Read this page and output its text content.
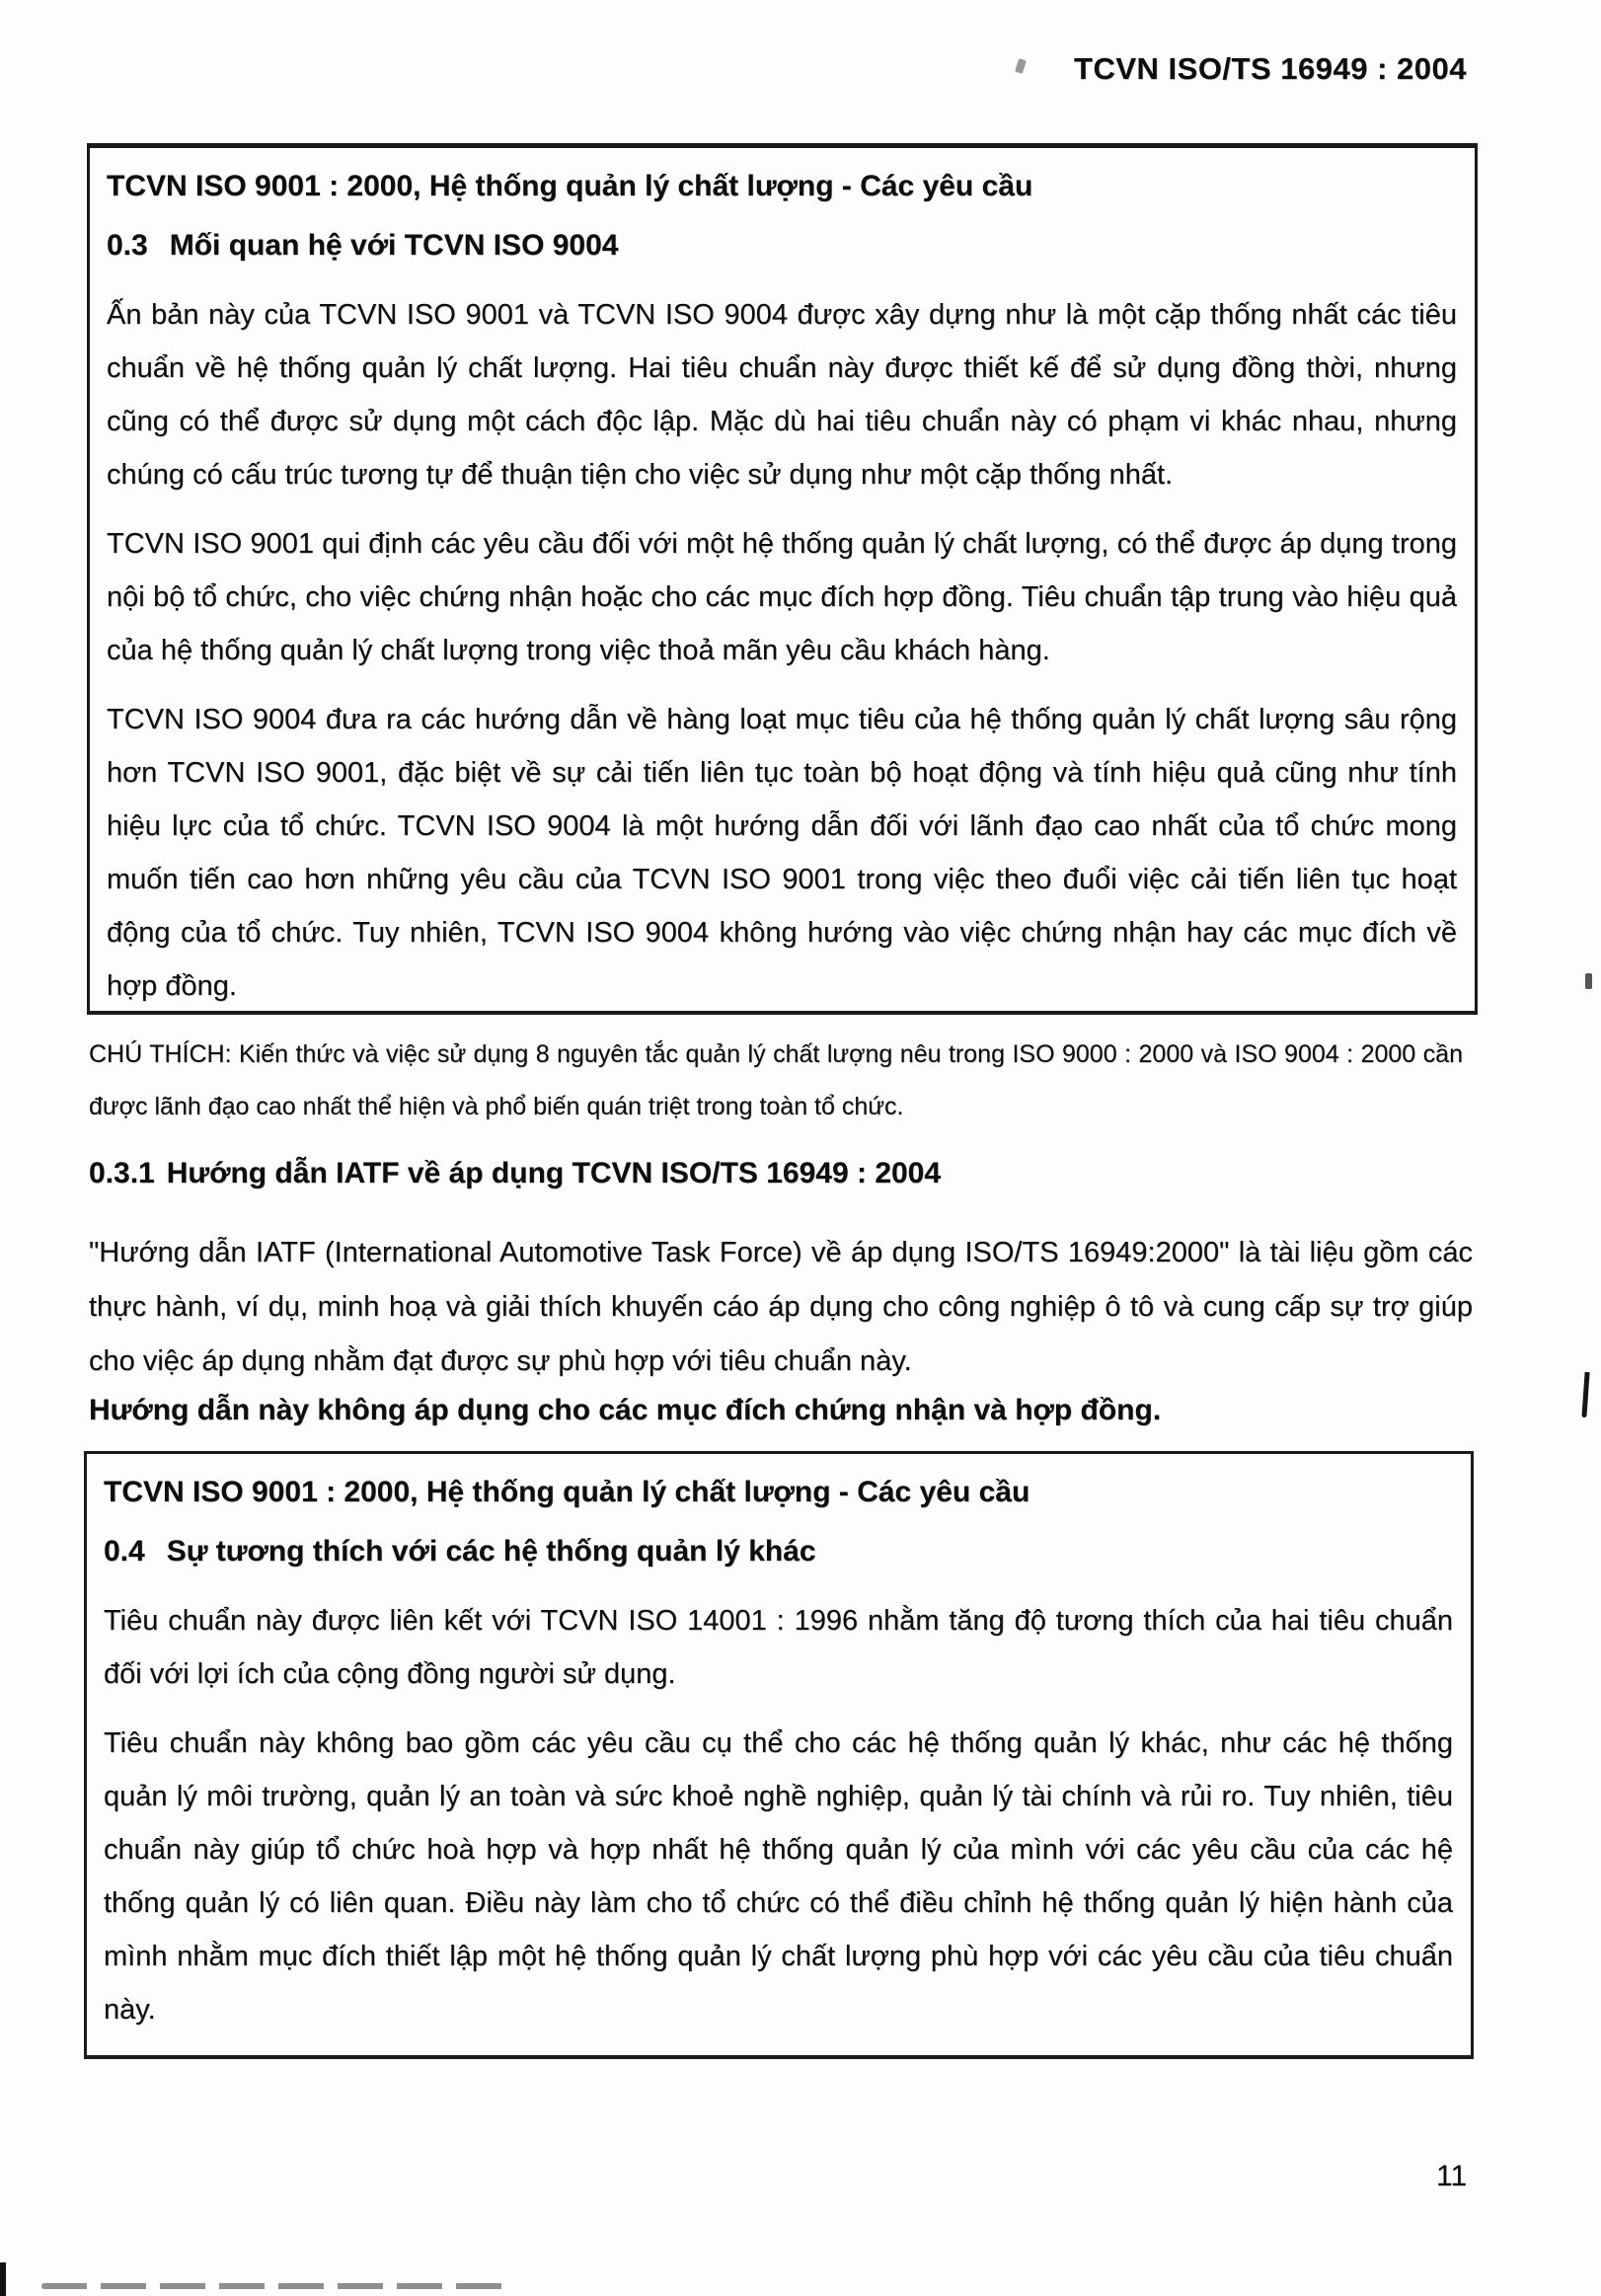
TCVN ISO/TS 16949 : 2004
TCVN ISO 9001 : 2000, Hệ thống quản lý chất lượng - Các yêu cầu
0.3 Mối quan hệ với TCVN ISO 9004

Ấn bản này của TCVN ISO 9001 và TCVN ISO 9004 được xây dựng như là một cặp thống nhất các tiêu chuẩn về hệ thống quản lý chất lượng. Hai tiêu chuẩn này được thiết kế để sử dụng đồng thời, nhưng cũng có thể được sử dụng một cách độc lập. Mặc dù hai tiêu chuẩn này có phạm vi khác nhau, nhưng chúng có cấu trúc tương tự để thuận tiện cho việc sử dụng như một cặp thống nhất.

TCVN ISO 9001 qui định các yêu cầu đối với một hệ thống quản lý chất lượng, có thể được áp dụng trong nội bộ tổ chức, cho việc chứng nhận hoặc cho các mục đích hợp đồng. Tiêu chuẩn tập trung vào hiệu quả của hệ thống quản lý chất lượng trong việc thoả mãn yêu cầu khách hàng.

TCVN ISO 9004 đưa ra các hướng dẫn về hàng loạt mục tiêu của hệ thống quản lý chất lượng sâu rộng hơn TCVN ISO 9001, đặc biệt về sự cải tiến liên tục toàn bộ hoạt động và tính hiệu quả cũng như tính hiệu lực của tổ chức. TCVN ISO 9004 là một hướng dẫn đối với lãnh đạo cao nhất của tổ chức mong muốn tiến cao hơn những yêu cầu của TCVN ISO 9001 trong việc theo đuổi việc cải tiến liên tục hoạt động của tổ chức. Tuy nhiên, TCVN ISO 9004 không hướng vào việc chứng nhận hay các mục đích về hợp đồng.

CHÚ THÍCH: Kiến thức và việc sử dụng 8 nguyên tắc quản lý chất lượng nêu trong ISO 9000 : 2000 và ISO 9004 : 2000 cần được lãnh đạo cao nhất thể hiện và phổ biến quán triệt trong toàn tổ chức.

0.3.1 Hướng dẫn IATF về áp dụng TCVN ISO/TS 16949 : 2004

"Hướng dẫn IATF (International Automotive Task Force) về áp dụng ISO/TS 16949:2000" là tài liệu gồm các thực hành, ví dụ, minh hoạ và giải thích khuyến cáo áp dụng cho công nghiệp ô tô và cung cấp sự trợ giúp cho việc áp dụng nhằm đạt được sự phù hợp với tiêu chuẩn này.

Hướng dẫn này không áp dụng cho các mục đích chứng nhận và hợp đồng.

TCVN ISO 9001 : 2000, Hệ thống quản lý chất lượng - Các yêu cầu
0.4 Sự tương thích với các hệ thống quản lý khác

Tiêu chuẩn này được liên kết với TCVN ISO 14001 : 1996 nhằm tăng độ tương thích của hai tiêu chuẩn đối với lợi ích của cộng đồng người sử dụng.

Tiêu chuẩn này không bao gồm các yêu cầu cụ thể cho các hệ thống quản lý khác, như các hệ thống quản lý môi trường, quản lý an toàn và sức khoẻ nghề nghiệp, quản lý tài chính và rủi ro. Tuy nhiên, tiêu chuẩn này giúp tổ chức hoà hợp và hợp nhất hệ thống quản lý của mình với các yêu cầu của các hệ thống quản lý có liên quan. Điều này làm cho tổ chức có thể điều chỉnh hệ thống quản lý hiện hành của mình nhằm mục đích thiết lập một hệ thống quản lý chất lượng phù hợp với các yêu cầu của tiêu chuẩn này.

11
